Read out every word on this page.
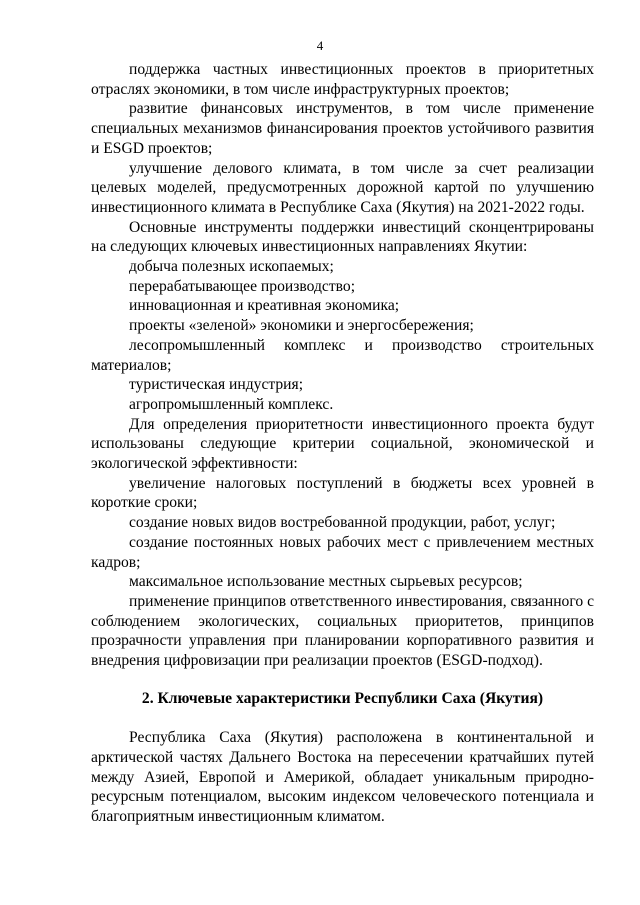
4

поддержка частных инвестиционных проектов в приоритетных отраслях экономики, в том числе инфраструктурных проектов;

развитие финансовых инструментов, в том числе применение специальных механизмов финансирования проектов устойчивого развития и ESGD проектов;

улучшение делового климата, в том числе за счет реализации целевых моделей, предусмотренных дорожной картой по улучшению инвестиционного климата в Республике Саха (Якутия) на 2021-2022 годы.

Основные инструменты поддержки инвестиций сконцентрированы на следующих ключевых инвестиционных направлениях Якутии:

добыча полезных ископаемых;

перерабатывающее производство;

инновационная и креативная экономика;

проекты «зеленой» экономики и энергосбережения;

лесопромышленный комплекс и производство строительных материалов;

туристическая индустрия;

агропромышленный комплекс.

Для определения приоритетности инвестиционного проекта будут использованы следующие критерии социальной, экономической и экологической эффективности:

увеличение налоговых поступлений в бюджеты всех уровней в короткие сроки;

создание новых видов востребованной продукции, работ, услуг;

создание постоянных новых рабочих мест с привлечением местных кадров;

максимальное использование местных сырьевых ресурсов;

применение принципов ответственного инвестирования, связанного с соблюдением экологических, социальных приоритетов, принципов прозрачности управления при планировании корпоративного развития и внедрения цифровизации при реализации проектов (ESGD-подход).

2. Ключевые характеристики Республики Саха (Якутия)

Республика Саха (Якутия) расположена в континентальной и арктической частях Дальнего Востока на пересечении кратчайших путей между Азией, Европой и Америкой, обладает уникальным природно-ресурсным потенциалом, высоким индексом человеческого потенциала и благоприятным инвестиционным климатом.
